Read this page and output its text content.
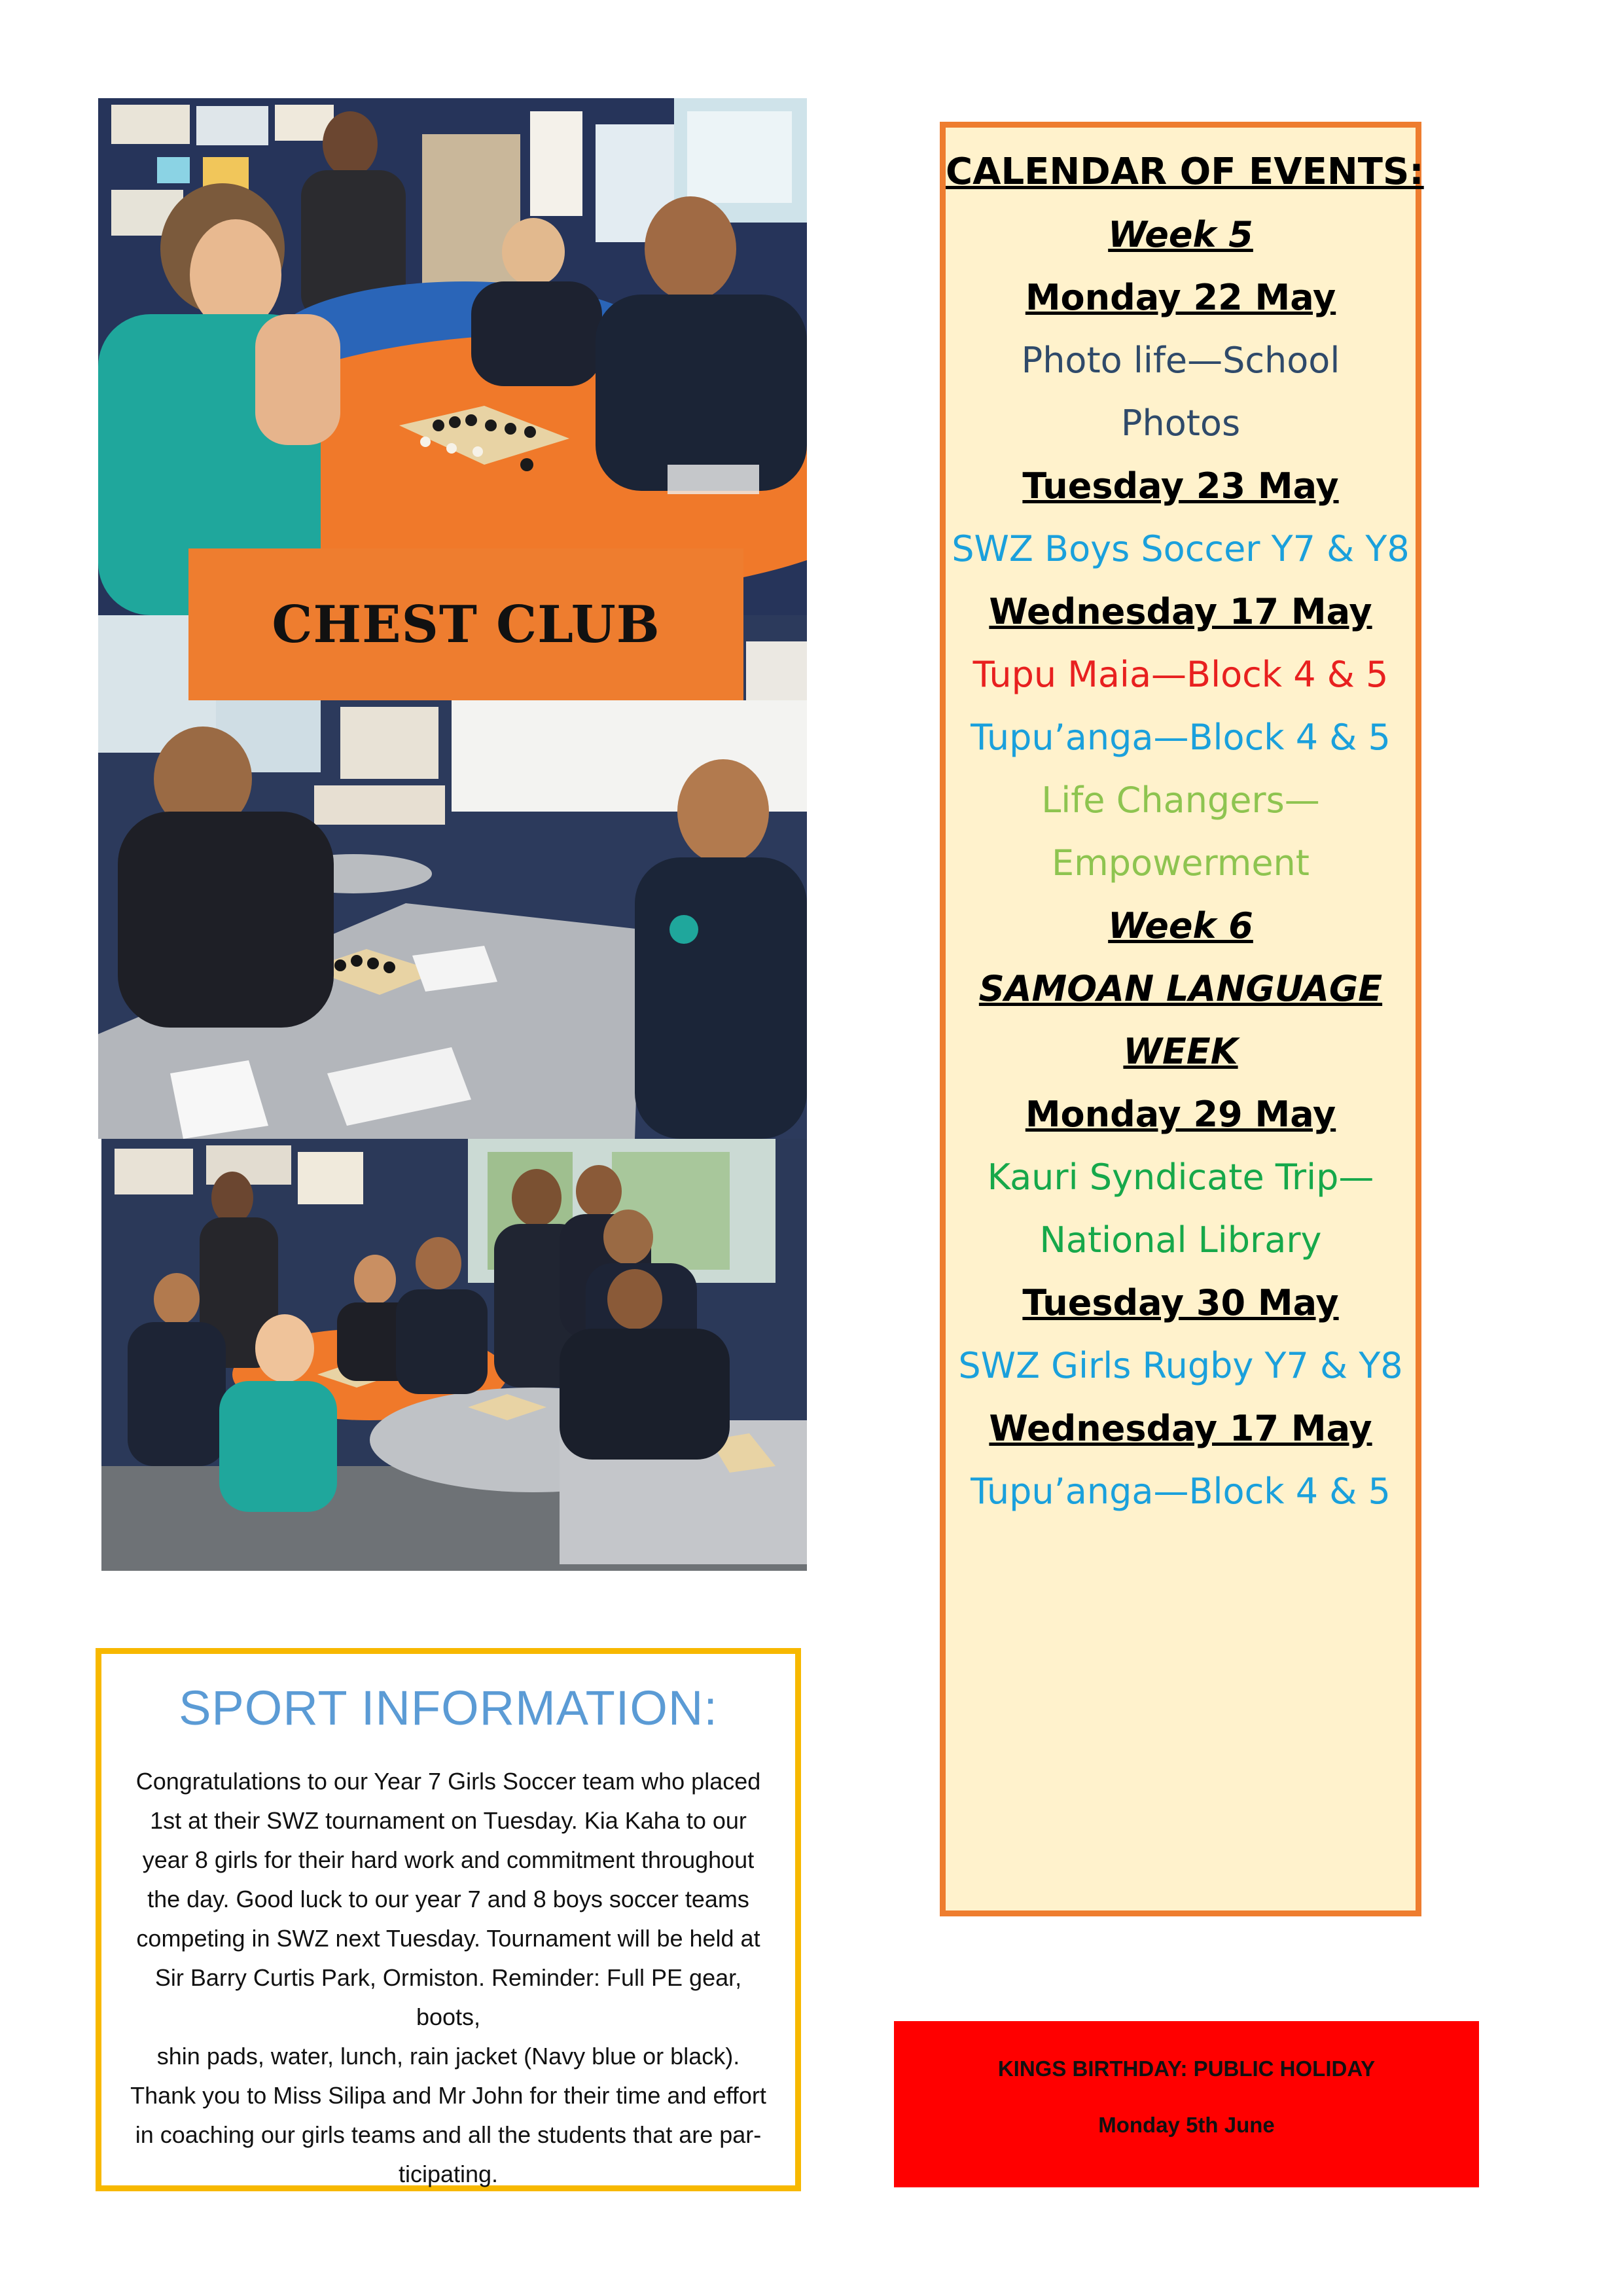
CHEST CLUB

SPORT INFORMATION:

Congratulations to our Year 7 Girls Soccer team who placed
1st at their SWZ tournament on Tuesday. Kia Kaha to our
year 8 girls for their hard work and commitment throughout
the day. Good luck to our year 7 and 8 boys soccer teams
competing in SWZ next Tuesday. Tournament will be held at
Sir Barry Curtis Park, Ormiston. Reminder: Full PE gear, boots,
shin pads, water, lunch, rain jacket (Navy blue or black).
Thank you to Miss Silipa and Mr John for their time and effort
in coaching our girls teams and all the students that are par-
ticipating.

CALENDAR OF EVENTS:

Week 5

Monday 22 May

Photo life—School

Photos

Tuesday 23 May

SWZ Boys Soccer Y7 & Y8

Wednesday 17 May

Tupu Maia—Block 4 & 5

Tupu’anga—Block 4 & 5

Life Changers—
Empowerment

Week 6

SAMOAN LANGUAGE
WEEK

Monday 29 May

Kauri Syndicate Trip—
National Library

Tuesday 30 May

SWZ Girls Rugby Y7 & Y8

Wednesday 17 May

Tupu’anga—Block 4 & 5

KINGS BIRTHDAY: PUBLIC HOLIDAY

Monday 5th June
